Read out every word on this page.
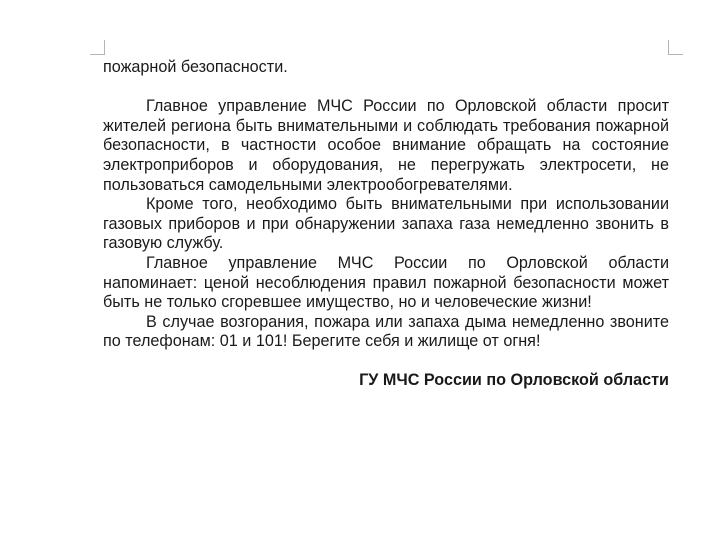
пожарной безопасности.

Главное управление МЧС России по Орловской области просит жителей региона быть внимательными и соблюдать требования пожарной безопасности, в частности особое внимание обращать на состояние электроприборов и оборудования, не перегружать электросети, не пользоваться самодельными электрообогревателями.

Кроме того, необходимо быть внимательными при использовании газовых приборов и при обнаружении запаха газа немедленно звонить в газовую службу.

Главное управление МЧС России по Орловской области напоминает: ценой несоблюдения правил пожарной безопасности может быть не только сгоревшее имущество, но и человеческие жизни!

В случае возгорания, пожара или запаха дыма немедленно звоните по телефонам: 01 и 101! Берегите себя и жилище от огня!

ГУ МЧС России по Орловской области
